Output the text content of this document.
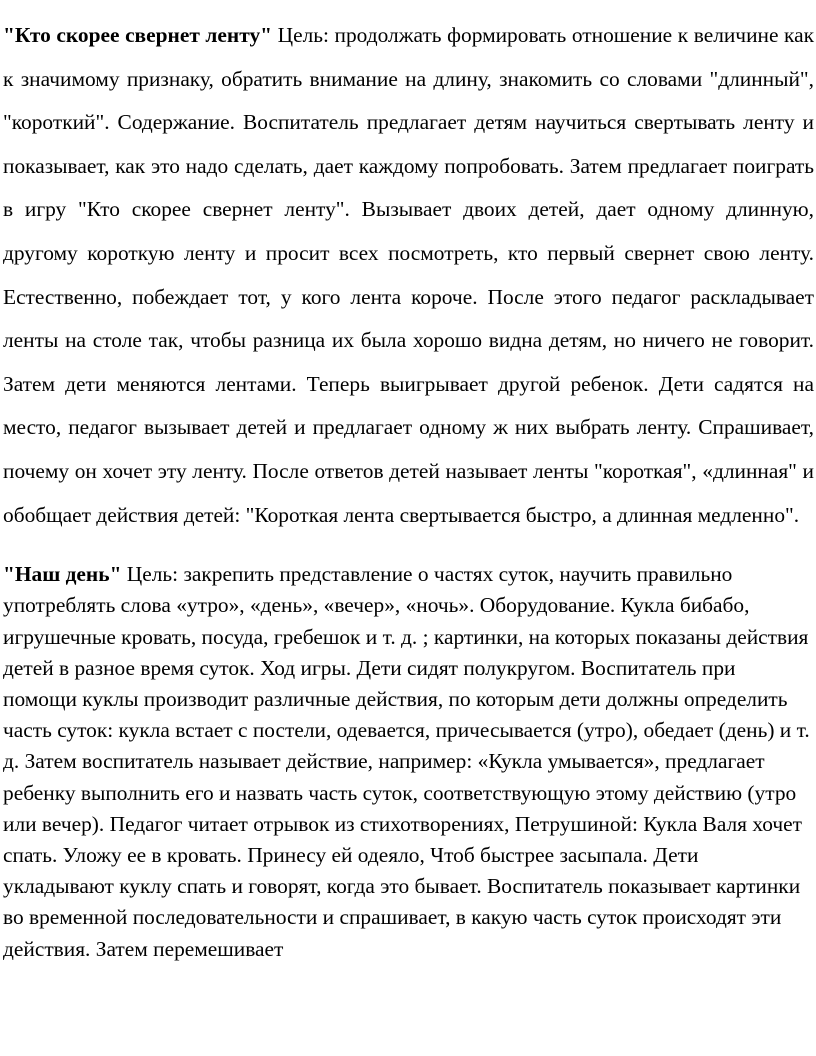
"Кто скорее свернет ленту" Цель: продолжать формировать отношение к величине как к значимому признаку, обратить внимание на длину, знакомить со словами "длинный", "короткий". Содержание. Воспитатель предлагает детям научиться свертывать ленту и показывает, как это надо сделать, дает каждому попробовать. Затем предлагает поиграть в игру "Кто скорее свернет ленту". Вызывает двоих детей, дает одному длинную, другому короткую ленту и просит всех посмотреть, кто первый свернет свою ленту. Естественно, побеждает тот, у кого лента короче. После этого педагог раскладывает ленты на столе так, чтобы разница их была хорошо видна детям, но ничего не говорит. Затем дети меняются лентами. Теперь выигрывает другой ребенок. Дети садятся на место, педагог вызывает детей и предлагает одному ж них выбрать ленту. Спрашивает, почему он хочет эту ленту. После ответов детей называет ленты "короткая", «длинная" и обобщает действия детей: "Короткая лента свертывается быстро, а длинная медленно".

"Наш день" Цель: закрепить представление о частях суток, научить правильно употреблять слова «утро», «день», «вечер», «ночь». Оборудование. Кукла бибабо, игрушечные кровать, посуда, гребешок и т. д. ; картинки, на которых показаны действия детей в разное время суток. Ход игры. Дети сидят полукругом. Воспитатель при помощи куклы производит различные действия, по которым дети должны определить часть суток: кукла встает с постели, одевается, причесывается (утро), обедает (день) и т. д. Затем воспитатель называет действие, например: «Кукла умывается», предлагает ребенку выполнить его и назвать часть суток, соответствующую этому действию (утро или вечер). Педагог читает отрывок из стихотворениях, Петрушиной: Кукла Валя хочет спать. Уложу ее в кровать. Принесу ей одеяло, Чтоб быстрее засыпала. Дети укладывают куклу спать и говорят, когда это бывает. Воспитатель показывает картинки во временной последовательности и спрашивает, в какую часть суток происходят эти действия. Затем перемешивает
